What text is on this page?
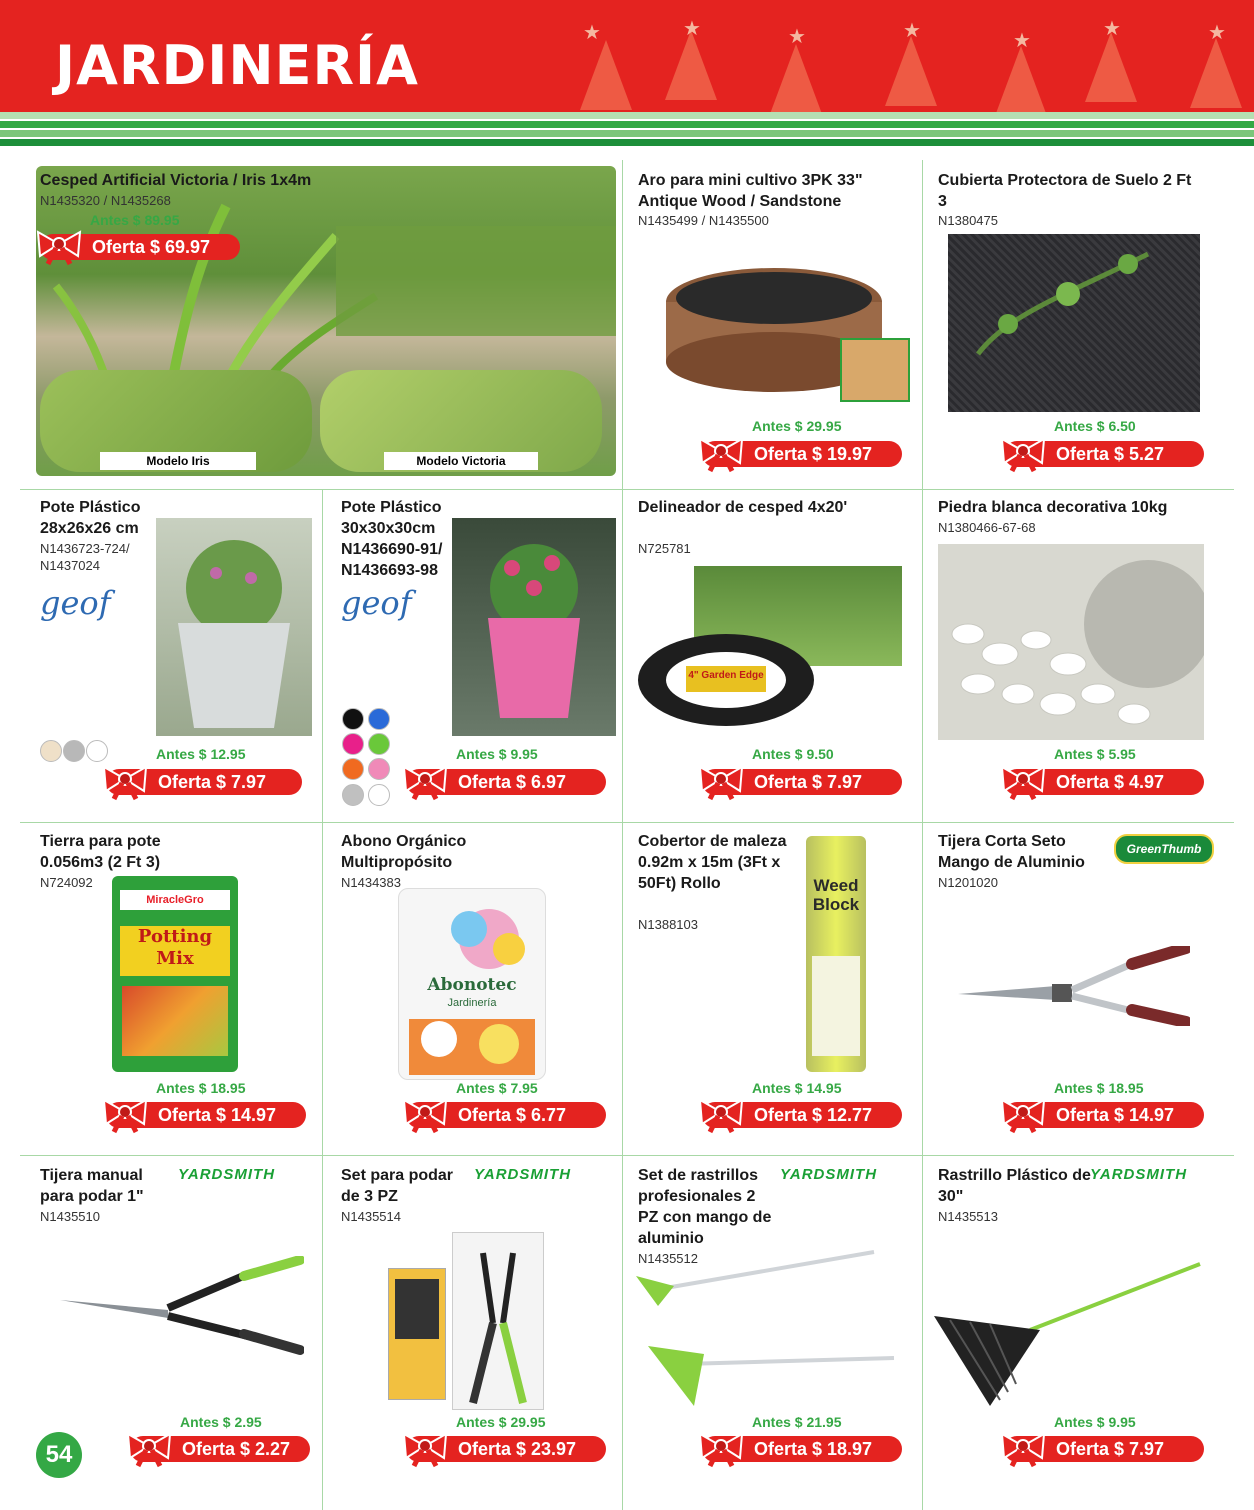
★	★	★	★	★
★	★
JARDINERÍA
Modelo Iris	Modelo Victoria
Cesped Artificial Victoria / Iris 1x4m
N1435320 / N1435268
Antes $ 89.95
Oferta $ 69.97
Aro para mini cultivo 3PK 33" Antique Wood / Sandstone
N1435499 / N1435500
Antes $ 29.95
Oferta $ 19.97
Cubierta Protectora de Suelo 2 Ft 3
N1380475
Antes $ 6.50
Oferta $ 5.27
Pote Plástico 28x26x26 cm
N1436723-724/ N1437024
geof
Antes $ 12.95
Oferta $ 7.97
Pote Plástico 30x30x30cm N1436690-91/ N1436693-98
geof
Antes $ 9.95
Oferta $ 6.97
Delineador de cesped 4x20'
N725781
4" Garden Edge
Antes $ 9.50
Oferta $ 7.97
Piedra blanca decorativa 10kg
N1380466-67-68
Antes $ 5.95
Oferta $ 4.97
Tierra para pote 0.056m3 (2 Ft 3)
N724092
MiracleGro
Potting Mix
Antes $ 18.95
Oferta $ 14.97
Abono Orgánico Multipropósito
N1434383
Abonotec
Jardinería
Antes $ 7.95
Oferta $ 6.77
Cobertor de maleza 0.92m x 15m (3Ft x 50Ft) Rollo
N1388103
Weed Block
Antes $ 14.95
Oferta $ 12.77
Tijera Corta Seto Mango de Aluminio
N1201020
GreenThumb
Antes $ 18.95
Oferta $ 14.97
Tijera manual para podar 1"
N1435510
YARDSMITH
Antes $ 2.95
Oferta $ 2.27
Set para podar de 3 PZ
N1435514
YARDSMITH
Antes $ 29.95
Oferta $ 23.97
Set de rastrillos profesionales 2 PZ con mango de aluminio
N1435512
YARDSMITH
Antes $ 21.95
Oferta $ 18.97
Rastrillo Plástico de 30"
N1435513
YARDSMITH
Antes $ 9.95
Oferta $ 7.97
54
